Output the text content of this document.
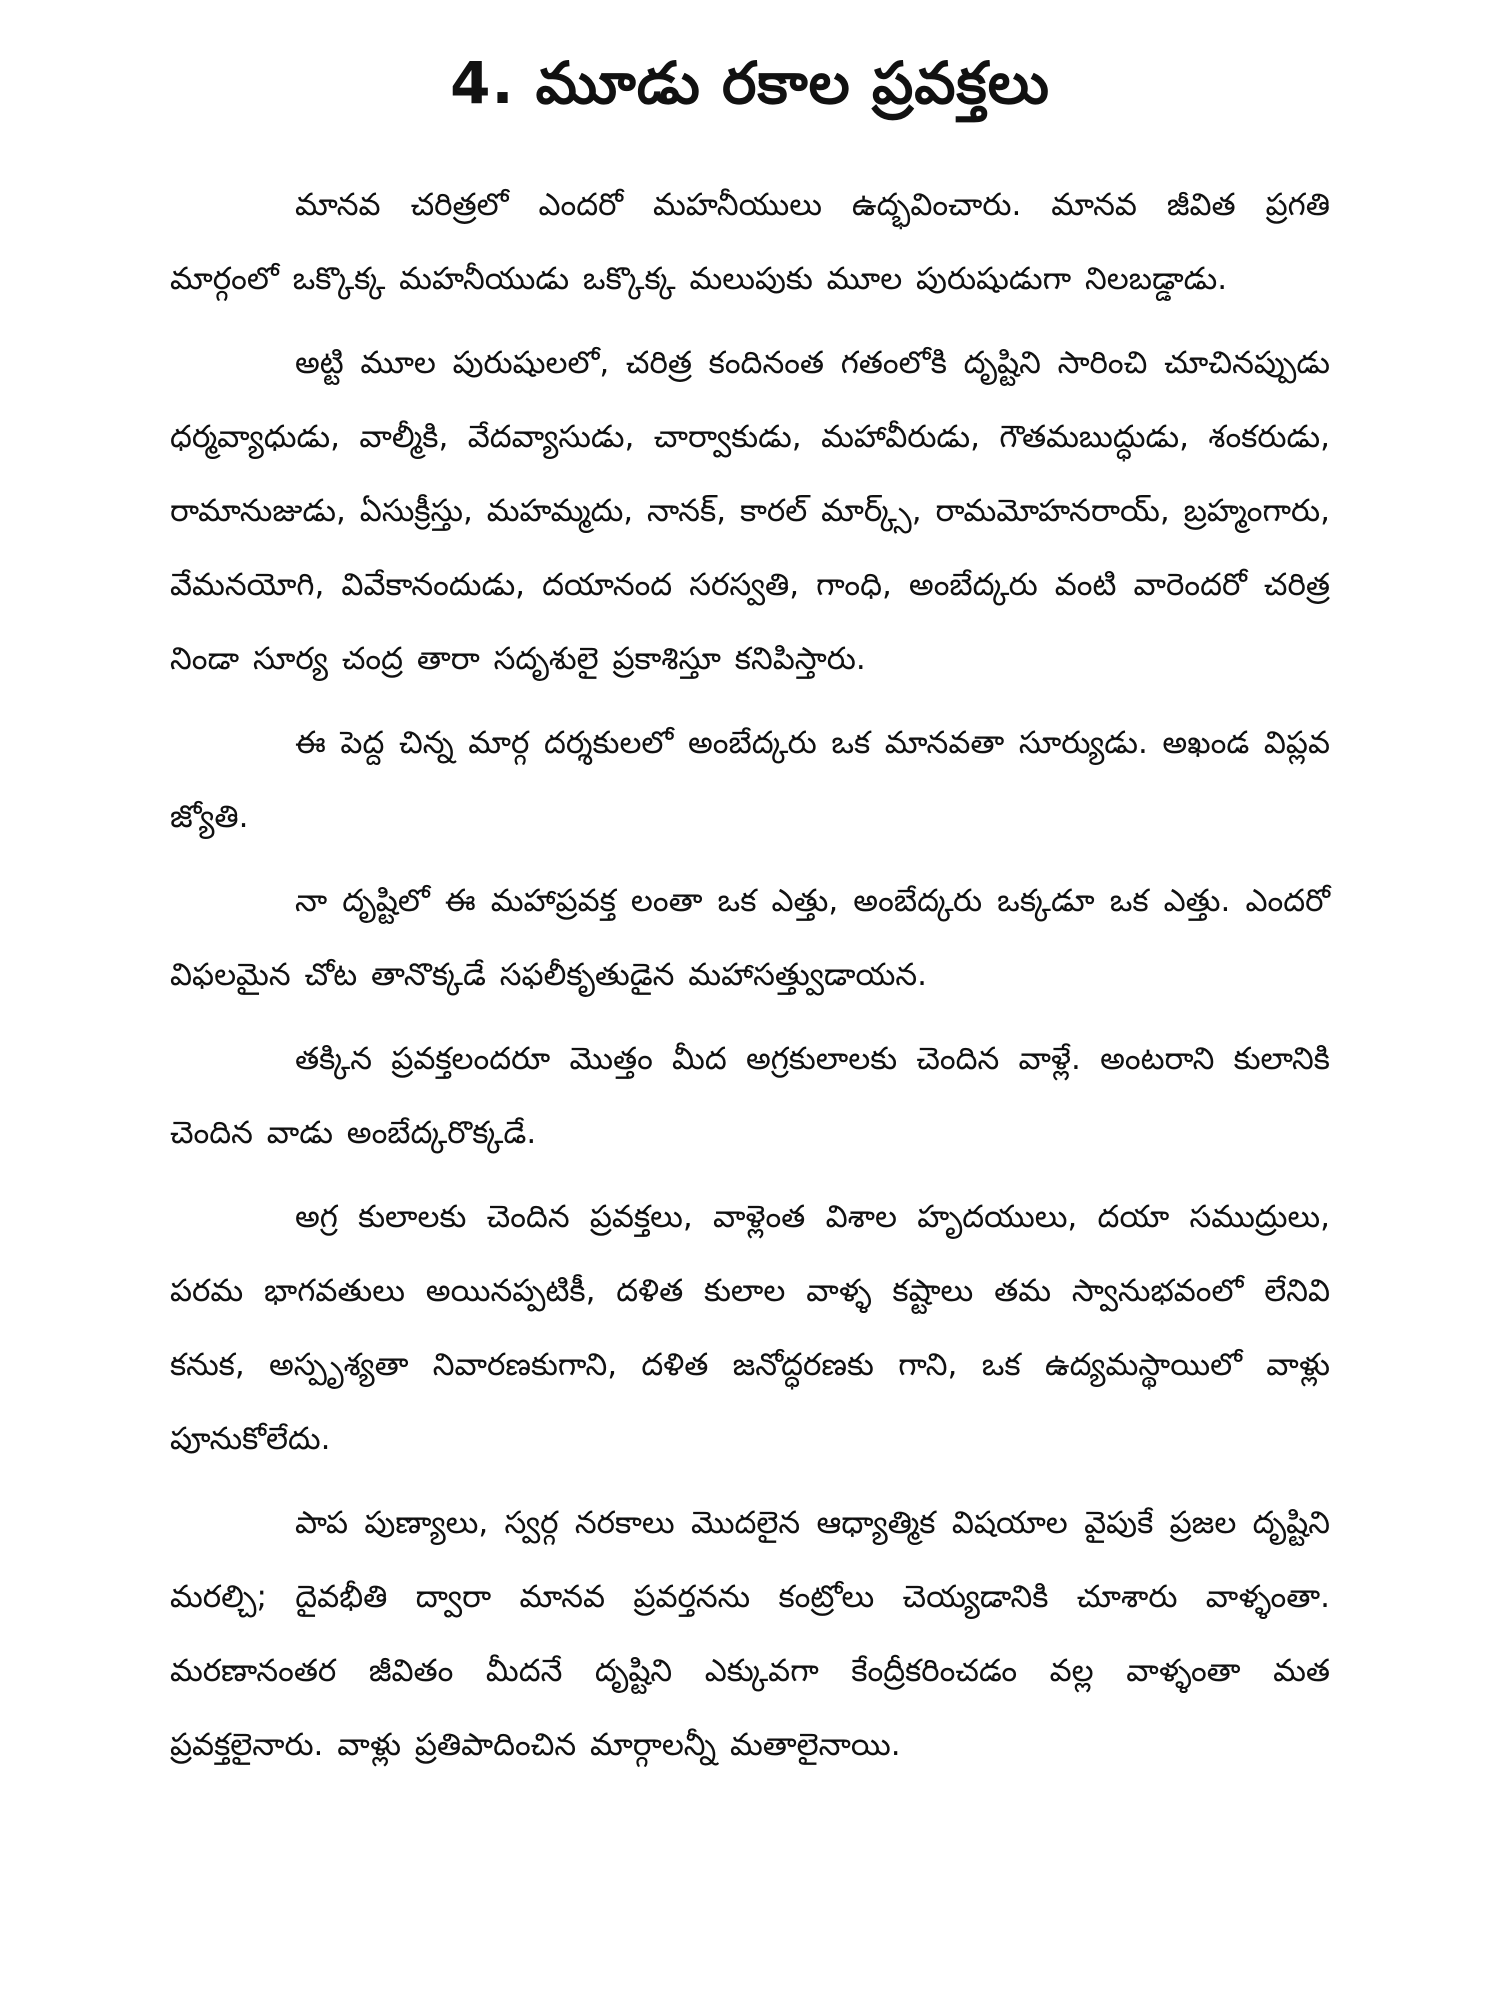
4. మూడు రకాల ప్రవక్తలు

మానవ చరిత్రలో ఎందరో మహనీయులు ఉద్భవించారు. మానవ జీవిత ప్రగతి మార్గంలో ఒక్కొక్క మహనీయుడు ఒక్కొక్క మలుపుకు మూల పురుషుడుగా నిలబడ్డాడు.

అట్టి మూల పురుషులలో, చరిత్ర కందినంత గతంలోకి దృష్టిని సారించి చూచినప్పుడు ధర్మవ్యాధుడు, వాల్మీకి, వేదవ్యాసుడు, చార్వాకుడు, మహావీరుడు, గౌతమబుద్ధుడు, శంకరుడు, రామానుజుడు, ఏసుక్రీస్తు, మహమ్మదు, నానక్, కారల్ మార్క్స్, రామమోహనరాయ్, బ్రహ్మంగారు, వేమనయోగి, వివేకానందుడు, దయానంద సరస్వతి, గాంధి, అంబేద్కరు వంటి వారెందరో చరిత్ర నిండా సూర్య చంద్ర తారా సదృశులై ప్రకాశిస్తూ కనిపిస్తారు.

ఈ పెద్ద చిన్న మార్గ దర్శకులలో అంబేద్కరు ఒక మానవతా సూర్యుడు. అఖండ విప్లవ జ్యోతి.

నా దృష్టిలో ఈ మహాప్రవక్త లంతా ఒక ఎత్తు, అంబేద్కరు ఒక్కడూ ఒక ఎత్తు. ఎందరో విఫలమైన చోట తానొక్కడే సఫలీకృతుడైన మహాసత్త్వుడాయన.

తక్కిన ప్రవక్తలందరూ మొత్తం మీద అగ్రకులాలకు చెందిన వాళ్లే. అంటరాని కులానికి చెందిన వాడు అంబేద్కరొక్కడే.

అగ్ర కులాలకు చెందిన ప్రవక్తలు, వాళ్లెంత విశాల హృదయులు, దయా సముద్రులు, పరమ భాగవతులు అయినప్పటికీ, దళిత కులాల వాళ్ళ కష్టాలు తమ స్వానుభవంలో లేనివి కనుక, అస్పృశ్యతా నివారణకుగాని, దళిత జనోద్ధరణకు గాని, ఒక ఉద్యమస్థాయిలో వాళ్లు పూనుకోలేదు.

పాప పుణ్యాలు, స్వర్గ నరకాలు మొదలైన ఆధ్యాత్మిక విషయాల వైపుకే ప్రజల దృష్టిని మరల్చి; దైవభీతి ద్వారా మానవ ప్రవర్తనను కంట్రోలు చెయ్యడానికి చూశారు వాళ్ళంతా. మరణానంతర జీవితం మీదనే దృష్టిని ఎక్కువగా కేంద్రీకరించడం వల్ల వాళ్ళంతా మత ప్రవక్తలైనారు. వాళ్లు ప్రతిపాదించిన మార్గాలన్నీ మతాలైనాయి.
